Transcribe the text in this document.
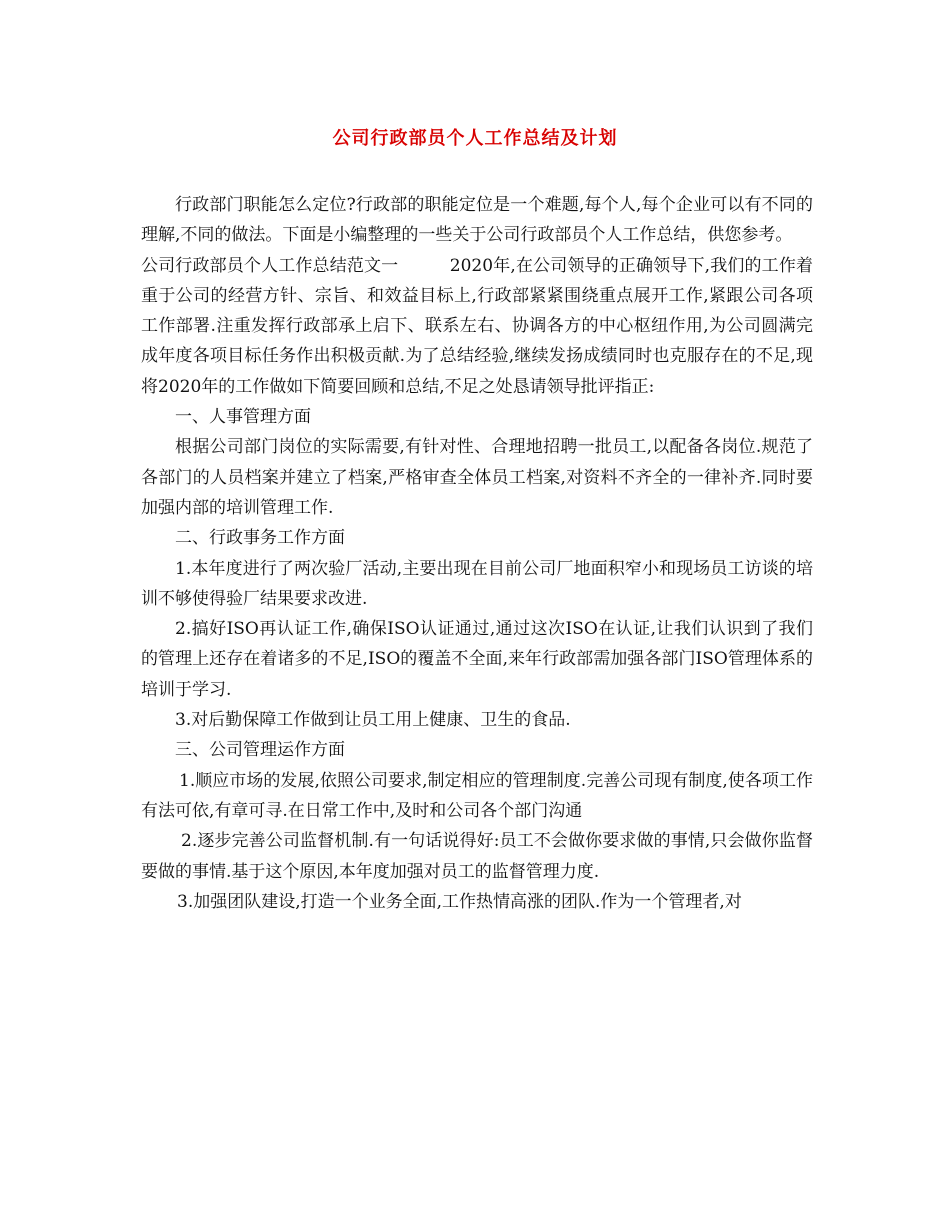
公司行政部员个人工作总结及计划

行政部门职能怎么定位?行政部的职能定位是一个难题,每个人,每个企业可以有不同的理解,不同的做法。下面是小编整理的一些关于公司行政部员个人工作总结，供您参考。

公司行政部员个人工作总结范文一　　　2020年,在公司领导的正确领导下,我们的工作着重于公司的经营方针、宗旨、和效益目标上,行政部紧紧围绕重点展开工作,紧跟公司各项工作部署.注重发挥行政部承上启下、联系左右、协调各方的中心枢纽作用,为公司圆满完成年度各项目标任务作出积极贡献.为了总结经验,继续发扬成绩同时也克服存在的不足,现将2020年的工作做如下简要回顾和总结,不足之处恳请领导批评指正:

一、人事管理方面

根据公司部门岗位的实际需要,有针对性、合理地招聘一批员工,以配备各岗位.规范了各部门的人员档案并建立了档案,严格审查全体员工档案,对资料不齐全的一律补齐.同时要加强内部的培训管理工作.

二、行政事务工作方面

1.本年度进行了两次验厂活动,主要出现在目前公司厂地面积窄小和现场员工访谈的培训不够使得验厂结果要求改进.

2.搞好ISO再认证工作,确保ISO认证通过,通过这次ISO在认证,让我们认识到了我们的管理上还存在着诸多的不足,ISO的覆盖不全面,来年行政部需加强各部门ISO管理体系的培训于学习.

3.对后勤保障工作做到让员工用上健康、卫生的食品.

三、公司管理运作方面

1.顺应市场的发展,依照公司要求,制定相应的管理制度.完善公司现有制度,使各项工作有法可依,有章可寻.在日常工作中,及时和公司各个部门沟通

2.逐步完善公司监督机制.有一句话说得好:员工不会做你要求做的事情,只会做你监督要做的事情.基于这个原因,本年度加强对员工的监督管理力度.

3.加强团队建设,打造一个业务全面,工作热情高涨的团队.作为一个管理者,对
